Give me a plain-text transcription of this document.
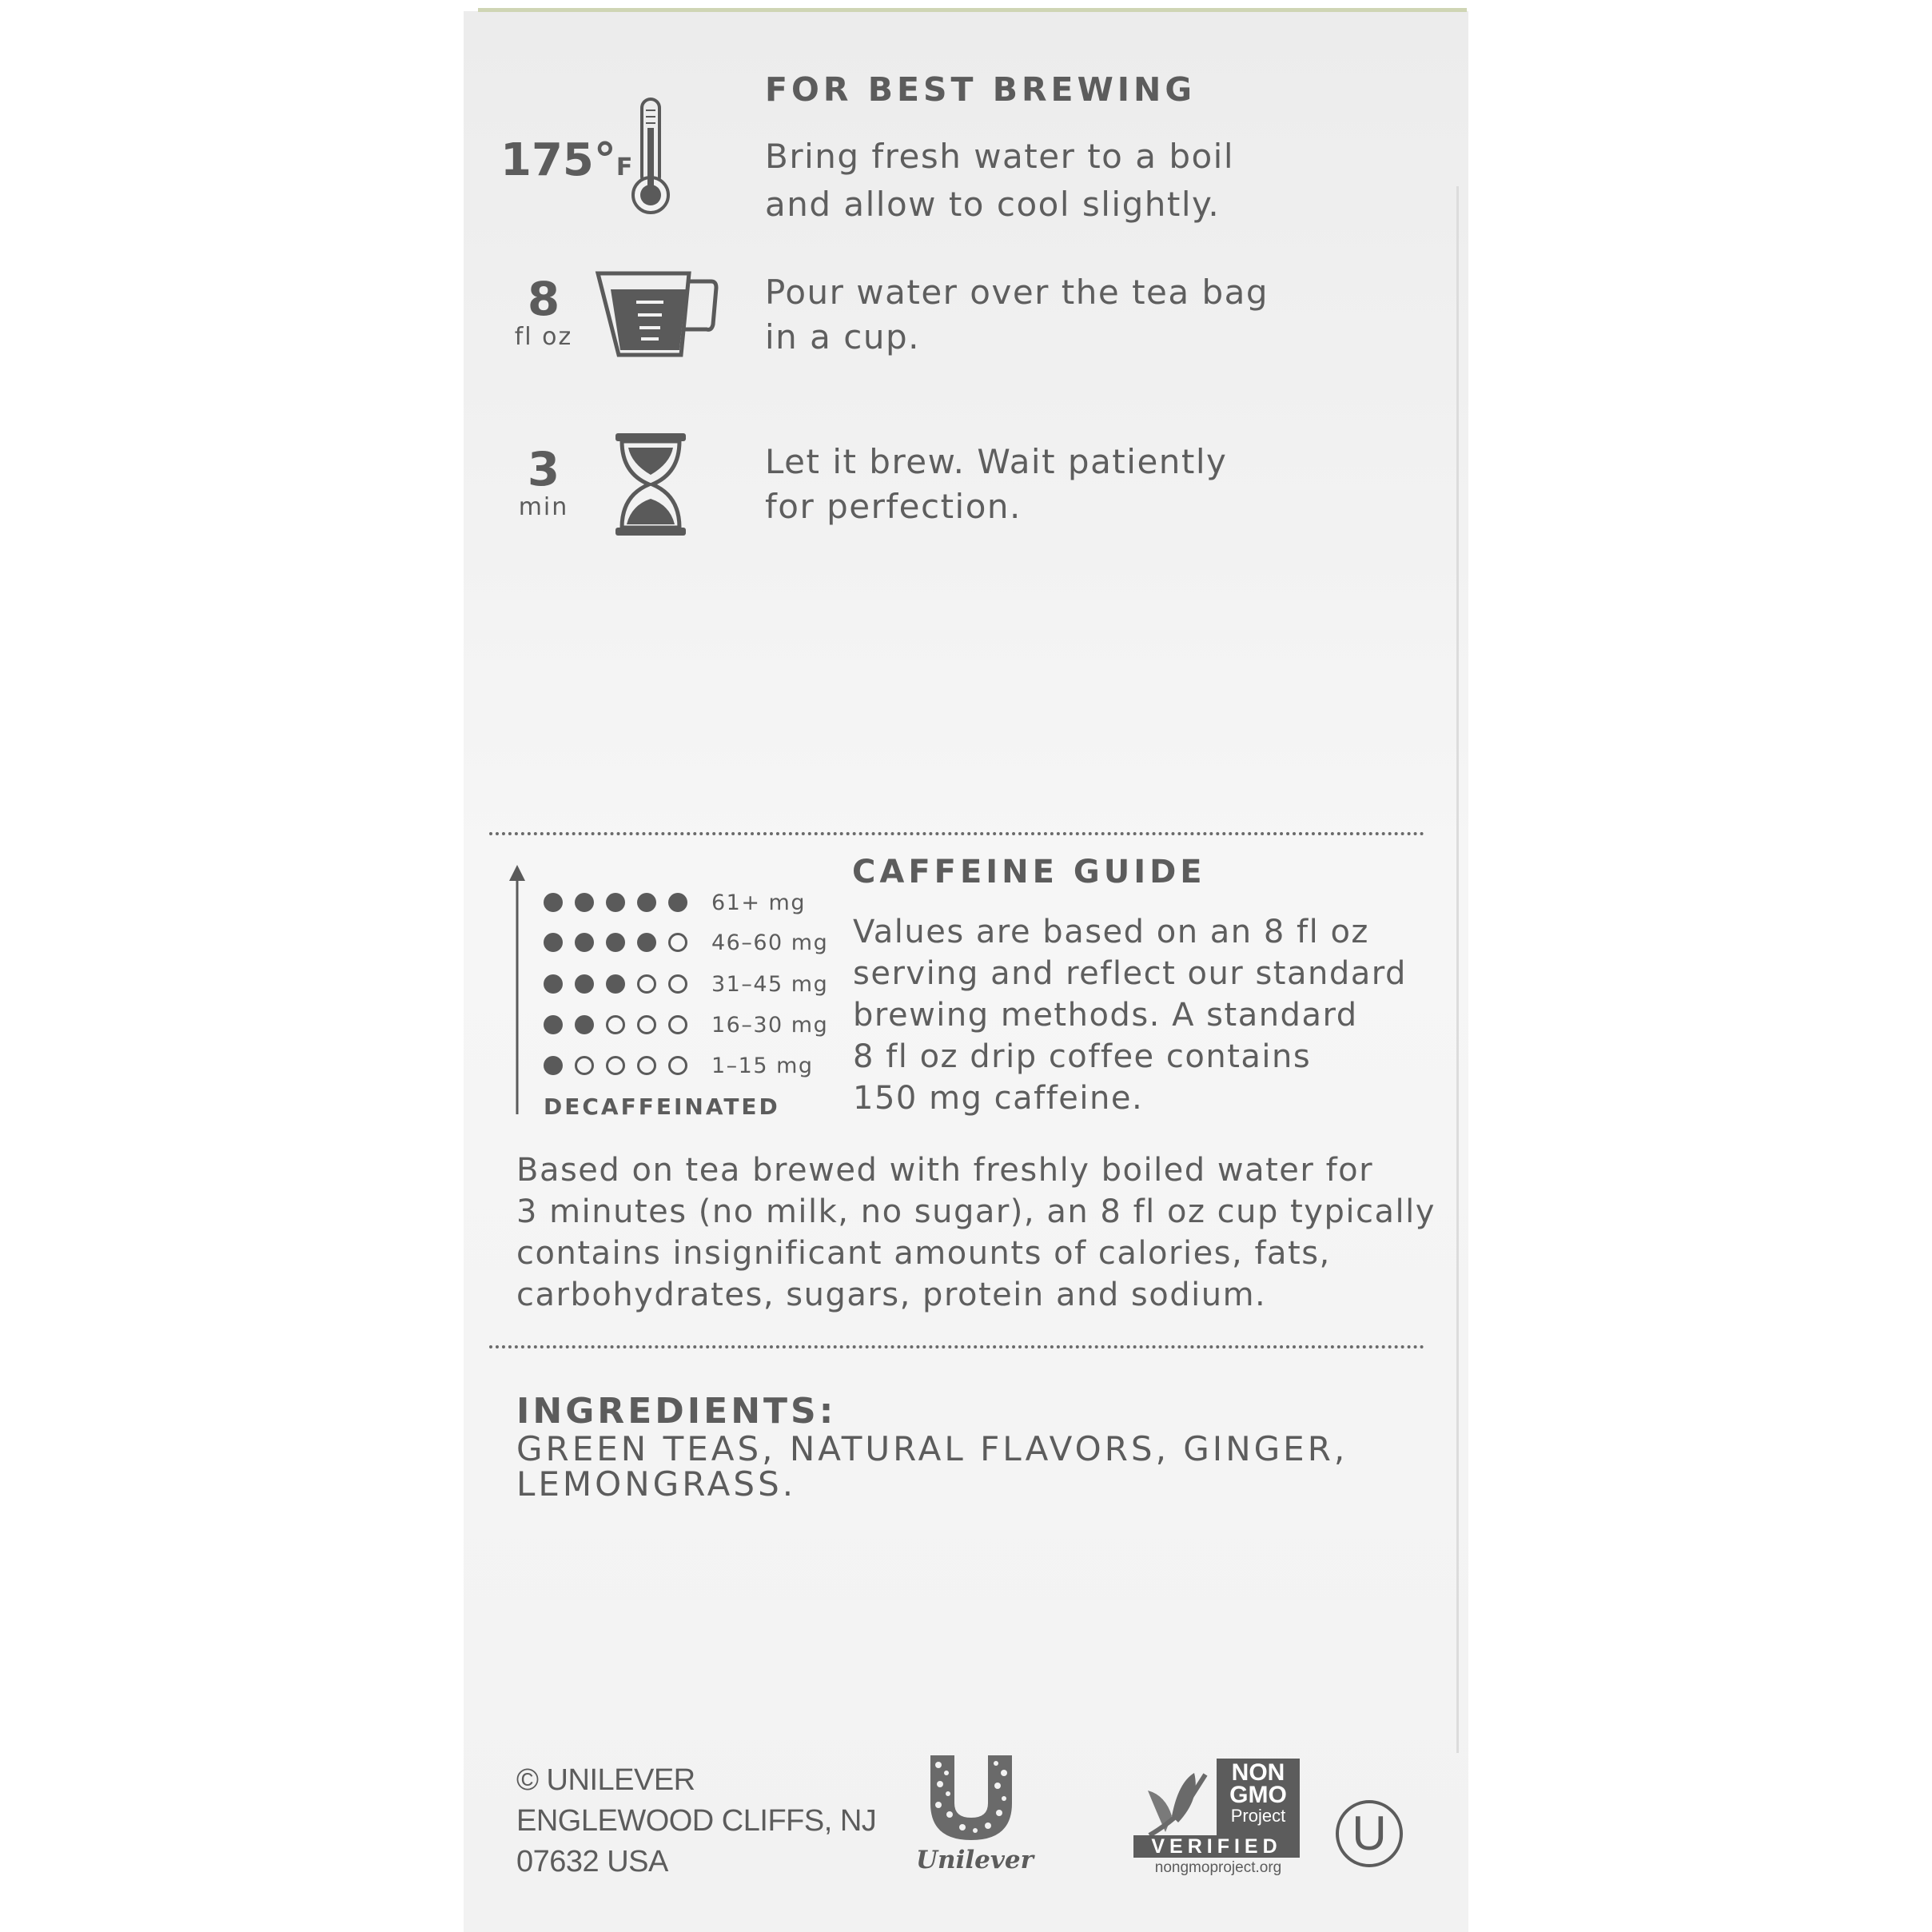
FOR BEST BREWING
175°F	Bring fresh water to a boil
and allow to cool slightly.
8
fl oz
Pour water over the tea bag
in a cup.
3
min
Let it brew. Wait patiently
for perfection.
61+ mg
46–60 mg
31–45 mg
16–30 mg
1–15 mg
DECAFFEINATED
CAFFEINE GUIDE
Values are based on an 8 fl oz
serving and reflect our standard
brewing methods. A standard
8 fl oz drip coffee contains
150 mg caffeine.
Based on tea brewed with freshly boiled water for
3 minutes (no milk, no sugar), an 8 fl oz cup typically
contains insignificant amounts of calories, fats,
carbohydrates, sugars, protein and sodium.
INGREDIENTS:
GREEN TEAS, NATURAL FLAVORS, GINGER,
LEMONGRASS.
© UNILEVER
ENGLEWOOD CLIFFS, NJ
07632 USA	Unilever
NON
GMO
Project
VERIFIED
nongmoproject.org
U
